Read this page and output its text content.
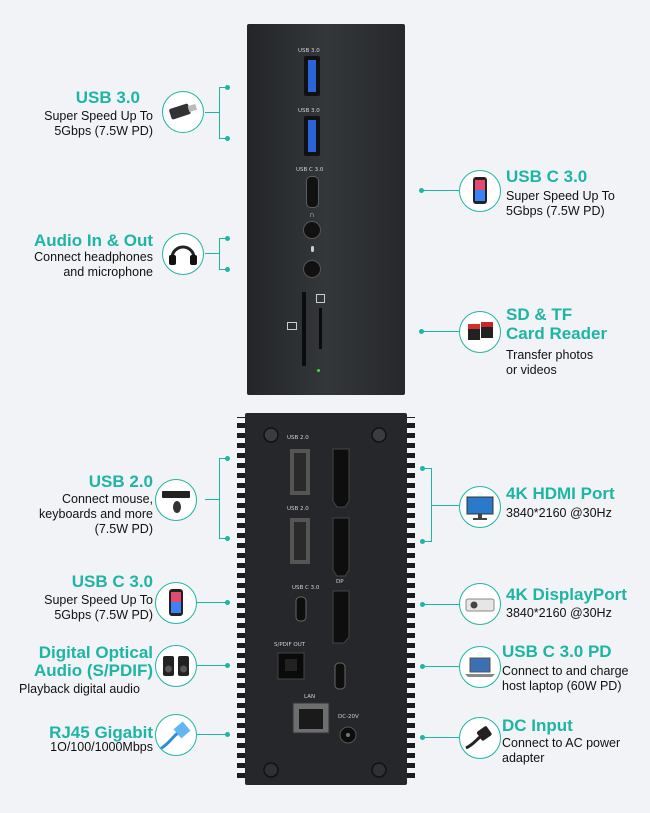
USB 3.0
USB 3.0
USB C 3.0
∩
USB 2.0
USB 2.0
USB C 3.0
DP
S/PDIF OUT
LAN
DC-20V
USB 3.0
Super Speed Up To
5Gbps (7.5W PD)
Audio In & Out
Connect headphones
and microphone
USB C 3.0
Super Speed Up To
5Gbps (7.5W PD)
SD & TF
Card Reader
Transfer photos
or videos
USB 2.0
Connect mouse,
keyboards and more
(7.5W PD)
USB C 3.0
Super Speed Up To
5Gbps (7.5W PD)
Digital Optical
Audio (S/PDIF)
Playback digital audio
RJ45 Gigabit
1O/100/1000Mbps
4K HDMI Port
3840*2160 @30Hz
4K DisplayPort
3840*2160 @30Hz
USB C 3.0 PD
Connect to and charge
host laptop (60W PD)
DC Input
Connect to AC power
adapter
